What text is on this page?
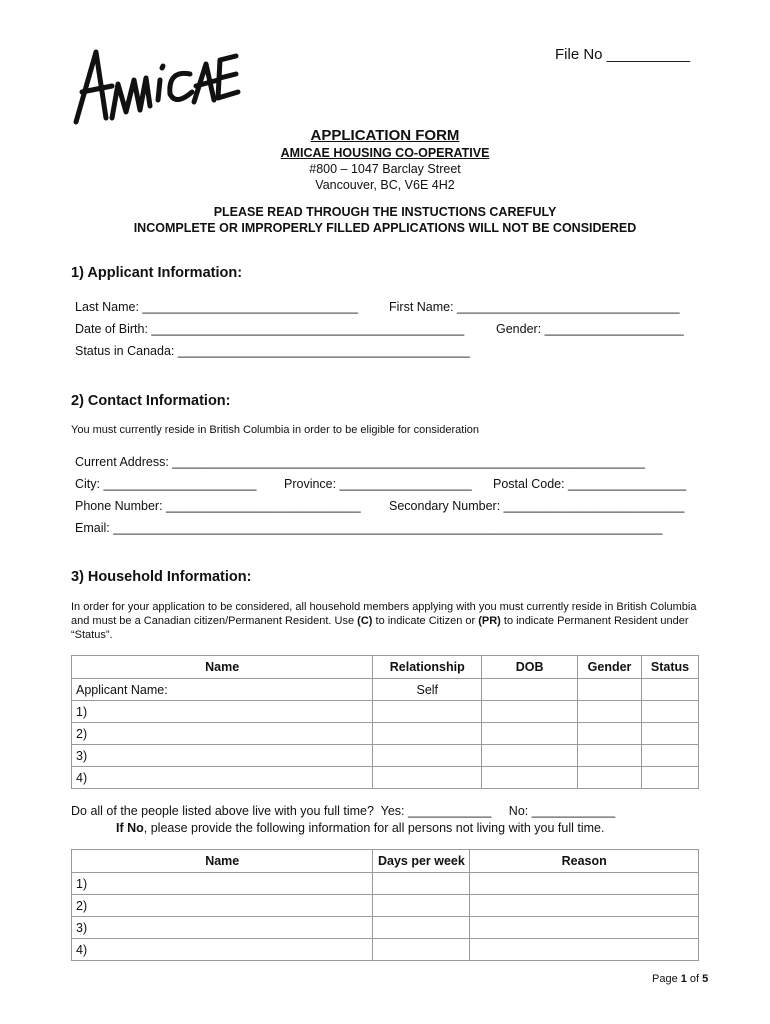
File No __________
APPLICATION FORM
AMICAE HOUSING CO-OPERATIVE
#800 – 1047 Barclay Street
Vancouver, BC, V6E 4H2
PLEASE READ THROUGH THE INSTUCTIONS CAREFULY
INCOMPLETE OR IMPROPERLY FILLED APPLICATIONS WILL NOT BE CONSIDERED
1) Applicant Information:
Last Name: _______________________________ First Name: ________________________________
Date of Birth: _____________________________________________	Gender: ____________________
Status in Canada: __________________________________________
2) Contact Information:
You must currently reside in British Columbia in order to be eligible for consideration
Current Address: ____________________________________________________________________
City: ______________________ Province: ___________________ Postal Code: _________________
Phone Number: ____________________________ Secondary Number: __________________________
Email: _______________________________________________________________________________
3) Household Information:
In order for your application to be considered, all household members applying with you must currently reside in British Columbia and must be a Canadian citizen/Permanent Resident. Use (C) to indicate Citizen or (PR) to indicate Permanent Resident under “Status”.
Name	Relationship	DOB	Gender	Status
Applicant Name:	Self			
1)				
2)				
3)				
4)				
Do all of the people listed above live with you full time?  Yes: ____________     No: ____________
If No, please provide the following information for all persons not living with you full time.
Name	Days per week	Reason
1)		
2)		
3)		
4)		
Page 1 of 5
